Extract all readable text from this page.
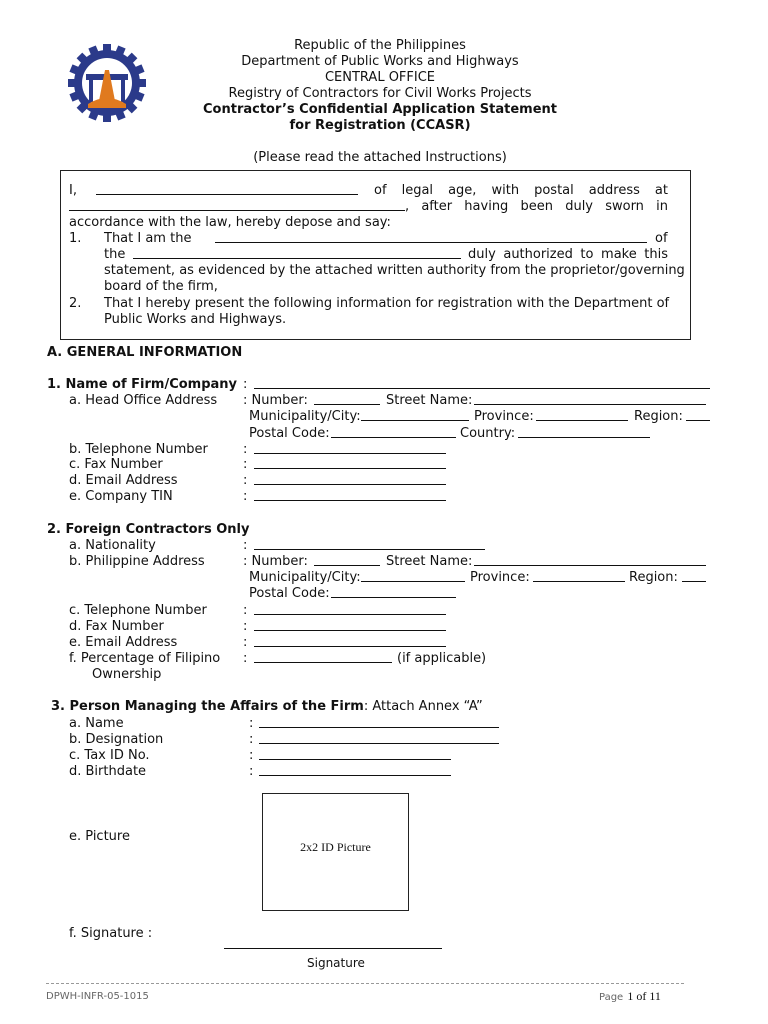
Republic of the Philippines
Department of Public Works and Highways
CENTRAL OFFICE
Registry of Contractors for Civil Works Projects
Contractor’s Confidential Application Statement
for Registration (CCASR)
(Please read the attached Instructions)
I,	of legal age, with postal address at
, after having been duly sworn in
accordance with the law, hereby depose and say:
1. That I am the	of
the	duly authorized to make this
statement, as evidenced by the attached written authority from the proprietor/governing
board of the firm,
2. That I hereby present the following information for registration with the Department of
Public Works and Highways.
A. GENERAL INFORMATION
1. Name of Firm/Company :
a. Head Office Address : Number:	Street Name:
Municipality/City:	Province:	Region:
Postal Code:	Country:
b. Telephone Number	:
c. Fax Number	:
d. Email Address	:
e. Company TIN	:
2. Foreign Contractors Only
a. Nationality	:
b. Philippine Address	: Number:	Street Name:
Municipality/City:	Province:	Region:
Postal Code:
c. Telephone Number	:
d. Fax Number	:
e. Email Address	:
f. Percentage of Filipino :	(if applicable)
Ownership
3. Person Managing the Affairs of the Firm: Attach Annex “A”
a. Name	:
b. Designation	:
c. Tax ID No.	:
d. Birthdate	:
e. Picture
2x2 ID Picture
f. Signature :
Signature
DPWH-INFR-05-1015	Page 1 of 11
